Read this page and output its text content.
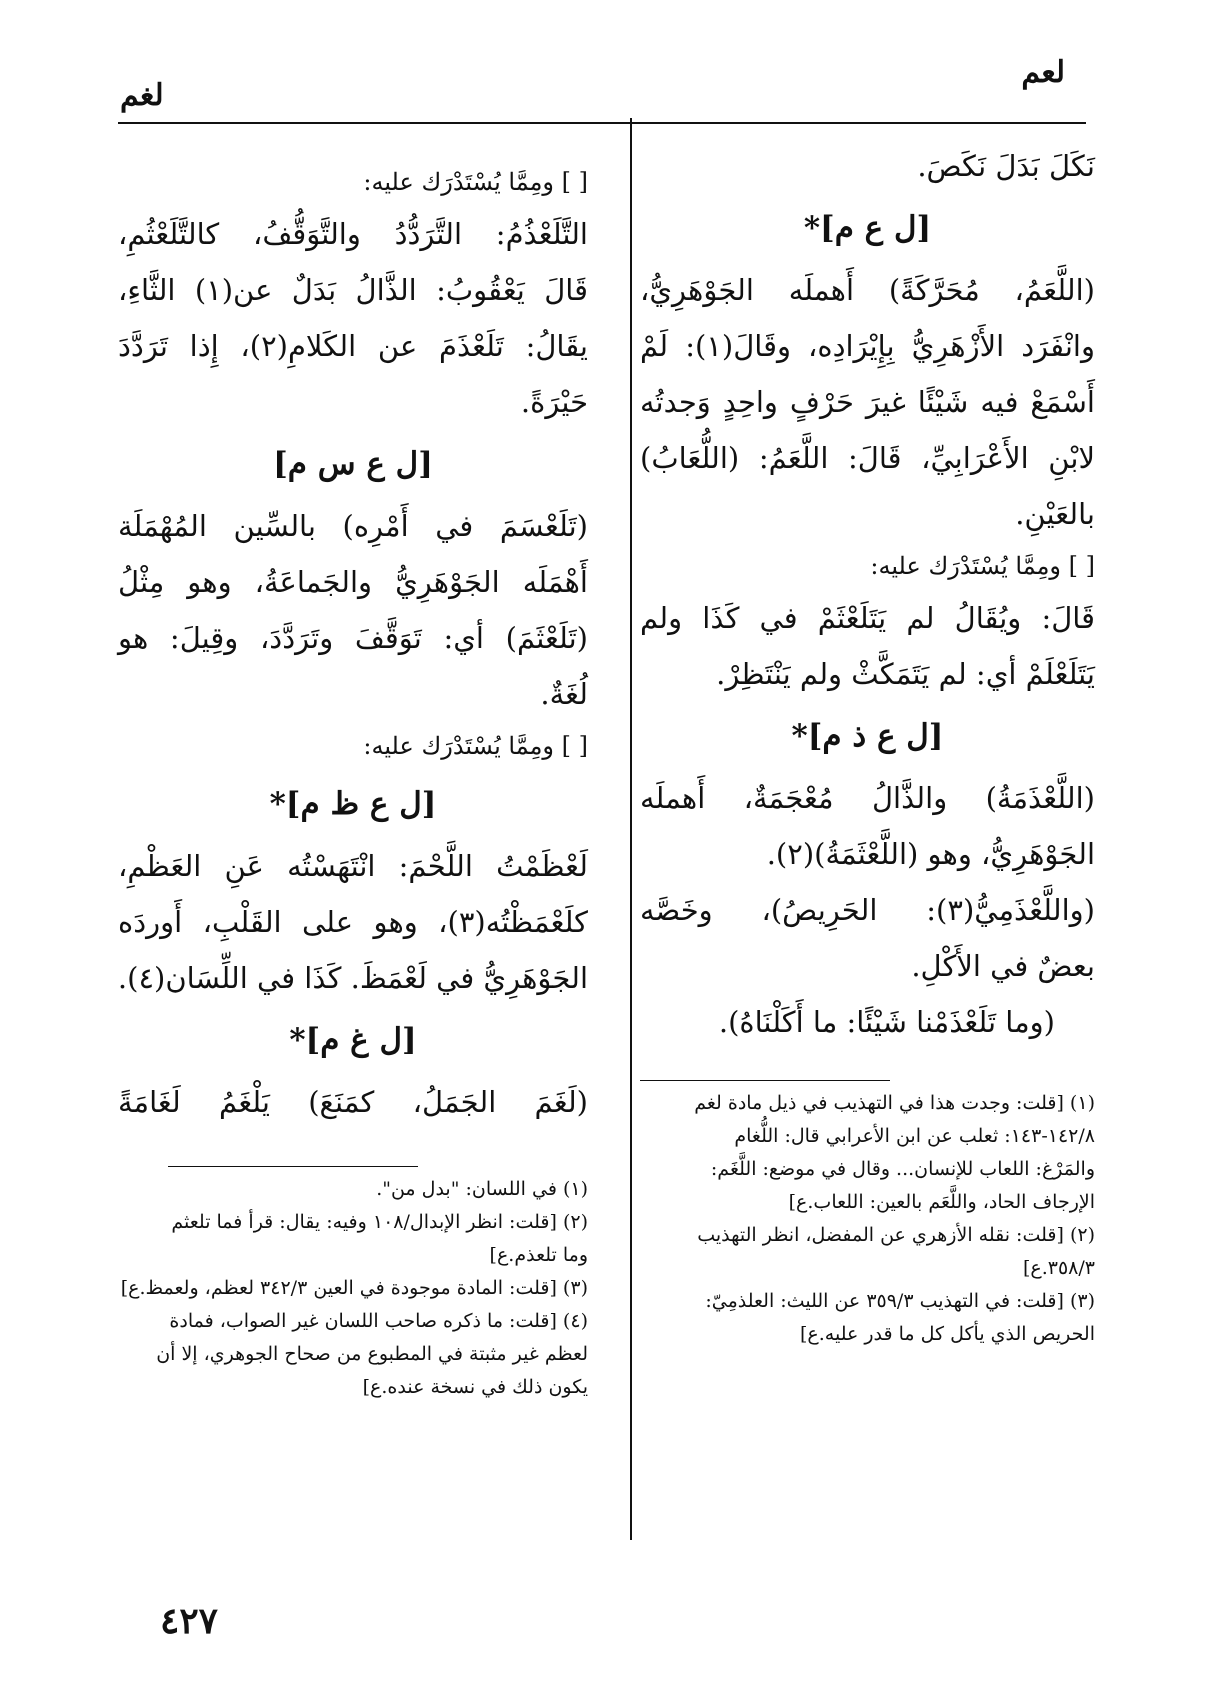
لعم
لغم
نَكَلَ بَدَلَ نَكَصَ.
[ل ع م]*
(اللَّعَمُ، مُحَرَّكَةً) أَهملَه الجَوْهَرِيُّ،
وانْفَرَد الأَزْهَرِيُّ بِإِيْرَادِه، وقَالَ(١): لَمْ
أَسْمَعْ فيه شَيْئًا غيرَ حَرْفٍ واحِدٍ وَجدتُه
لابْنِ الأَعْرَابِيِّ، قَالَ: اللَّعَمُ: (اللُّعَابُ)
بالعَيْنِ.
[ ] ومِمَّا يُسْتَدْرَك عليه:
قَالَ: ويُقَالُ لم يَتَلَعْثَمْ في كَذَا ولم
يَتَلَعْلَمْ أي: لم يَتَمَكَّثْ ولم يَنْتَظِرْ.
[ل ع ذ م]*
(اللَّعْذَمَةُ) والذَّالُ مُعْجَمَةٌ، أَهملَه
الجَوْهَرِيُّ، وهو (اللَّعْثَمَةُ)(٢).
(واللَّعْذَمِيُّ(٣): الحَرِيصُ)، وخَصَّه
بعضٌ في الأَكْلِ.
(وما تَلَعْذَمْنا شَيْئًا: ما أَكَلْنَاهُ).
(١) [قلت: وجدت هذا في التهذيب في ذيل مادة لغم
١٤٢/٨-١٤٣: ثعلب عن ابن الأعرابي قال: اللُّغام
والمَرْغ: اللعاب للإنسان... وقال في موضع: اللَّغَم:
الإرجاف الحاد، واللَّعَم بالعين: اللعاب.ع]
(٢) [قلت: نقله الأزهري عن المفضل، انظر التهذيب
٣٥٨/٣.ع]
(٣) [قلت: في التهذيب ٣٥٩/٣ عن الليث: العلذمِيّ:
الحريص الذي يأكل كل ما قدر عليه.ع]
[ ] ومِمَّا يُسْتَدْرَك عليه:
التَّلَعْذُمُ: التَّرَدُّدُ والتَّوَقُّفُ، كالتَّلَعْثُمِ،
قَالَ يَعْقُوبُ: الذَّالُ بَدَلٌ عن(١) الثَّاءِ،
يقَالُ: تَلَعْذَمَ عن الكَلامِ(٢)، إِذا تَرَدَّدَ
حَيْرَةً.
[ل ع س م]
(تَلَعْسَمَ في أَمْرِه) بالسِّين المُهْمَلَة
أَهْمَلَه الجَوْهَرِيُّ والجَماعَةُ، وهو مِثْلُ
(تَلَعْثَمَ) أي: تَوَقَّفَ وتَرَدَّدَ، وقِيلَ: هو
لُغَةٌ.
[ ] ومِمَّا يُسْتَدْرَك عليه:
[ل ع ظ م]*
لَعْظَمْتُ اللَّحْمَ: انْتَهَسْتُه عَنِ العَظْمِ،
كلَعْمَظْتُه(٣)، وهو على القَلْبِ، أَوردَه
الجَوْهَرِيُّ في لَعْمَظَ. كَذَا في اللِّسَان(٤).
[ل غ م]*
(لَغَمَ الجَمَلُ، كمَنَعَ) يَلْغَمُ لَغَامَةً
(١) في اللسان: "بدل من".
(٢) [قلت: انظر الإبدال/١٠٨ وفيه: يقال: قرأ فما تلعثم
وما تلعذم.ع]
(٣) [قلت: المادة موجودة في العين ٣٤٢/٣ لعظم، ولعمظ.ع]
(٤) [قلت: ما ذكره صاحب اللسان غير الصواب، فمادة
لعظم غير مثبتة في المطبوع من صحاح الجوهري، إلا أن
يكون ذلك في نسخة عنده.ع]
٤٢٧
